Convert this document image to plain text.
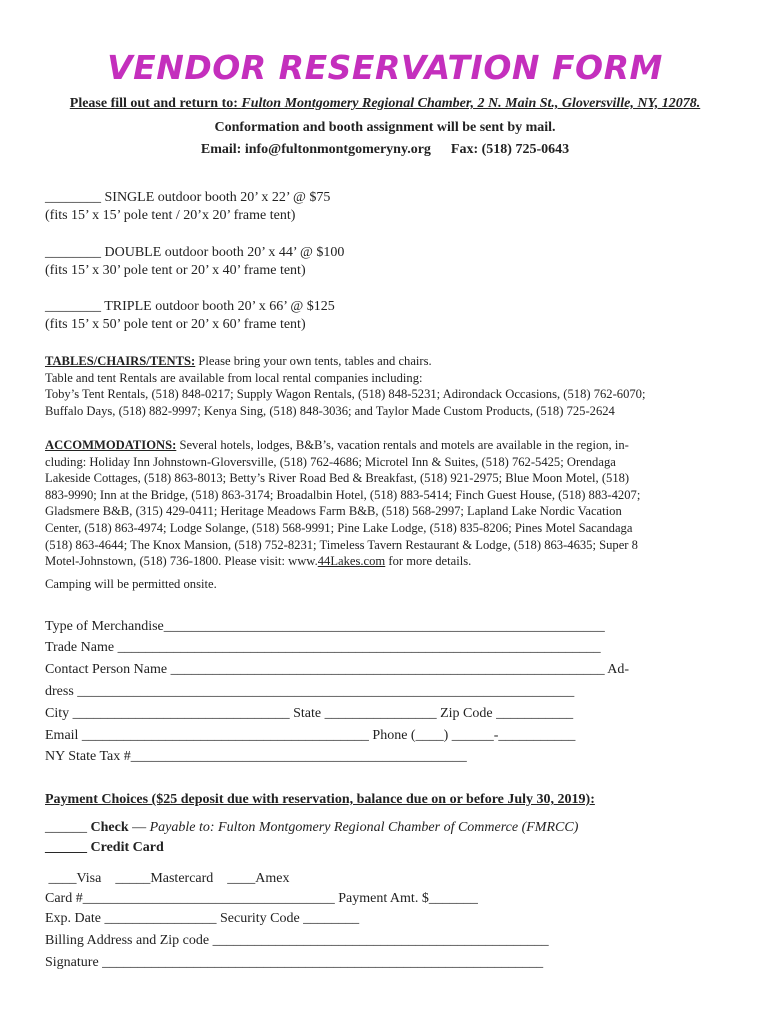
VENDOR RESERVATION FORM
Please fill out and return to: Fulton Montgomery Regional Chamber, 2 N. Main St., Gloversville, NY, 12078.
Conformation and booth assignment will be sent by mail.
Email: info@fultonmontgomeryny.org Fax: (518) 725-0643
________ SINGLE outdoor booth 20’ x 22’ @ $75
(fits 15’ x 15’ pole tent / 20’x 20’ frame tent)
________ DOUBLE outdoor booth 20’ x 44’ @ $100
(fits 15’ x 30’ pole tent or 20’ x 40’ frame tent)
________ TRIPLE outdoor booth 20’ x 66’ @ $125
(fits 15’ x 50’ pole tent or 20’ x 60’ frame tent)
TABLES/CHAIRS/TENTS: Please bring your own tents, tables and chairs.
Table and tent Rentals are available from local rental companies including:
Toby’s Tent Rentals, (518) 848-0217; Supply Wagon Rentals, (518) 848-5231; Adirondack Occasions, (518) 762-6070;
Buffalo Days, (518) 882-9997; Kenya Sing, (518) 848-3036; and Taylor Made Custom Products, (518) 725-2624
ACCOMMODATIONS: Several hotels, lodges, B&B’s, vacation rentals and motels are available in the region, in-
cluding: Holiday Inn Johnstown-Gloversville, (518) 762-4686; Microtel Inn & Suites, (518) 762-5425; Orendaga
Lakeside Cottages, (518) 863-8013; Betty’s River Road Bed & Breakfast, (518) 921-2975; Blue Moon Motel, (518)
883-9990; Inn at the Bridge, (518) 863-3174; Broadalbin Hotel, (518) 883-5414; Finch Guest House, (518) 883-4207;
Gladsmere B&B, (315) 429-0411; Heritage Meadows Farm B&B, (518) 568-2997; Lapland Lake Nordic Vacation
Center, (518) 863-4974; Lodge Solange, (518) 568-9991; Pine Lake Lodge, (518) 835-8206; Pines Motel Sacandaga
(518) 863-4644; The Knox Mansion, (518) 752-8231; Timeless Tavern Restaurant & Lodge, (518) 863-4635; Super 8
Motel-Johnstown, (518) 736-1800. Please visit: www.44Lakes.com for more details.
Camping will be permitted onsite.
Type of Merchandise_______________________________________________________________
Trade Name _____________________________________________________________________
Contact Person Name ______________________________________________________________ Ad-
dress _______________________________________________________________________
City _______________________________ State ________________ Zip Code ___________
Email _________________________________________ Phone (____) ______-___________
NY State Tax #________________________________________________
Payment Choices ($25 deposit due with reservation, balance due on or before July 30, 2019):
______ Check — Payable to: Fulton Montgomery Regional Chamber of Commerce (FMRCC)
______ Credit Card
____Visa    _____Mastercard    ____Amex
Card #____________________________________ Payment Amt. $_______
Exp. Date ________________ Security Code ________
Billing Address and Zip code ________________________________________________
Signature _______________________________________________________________
